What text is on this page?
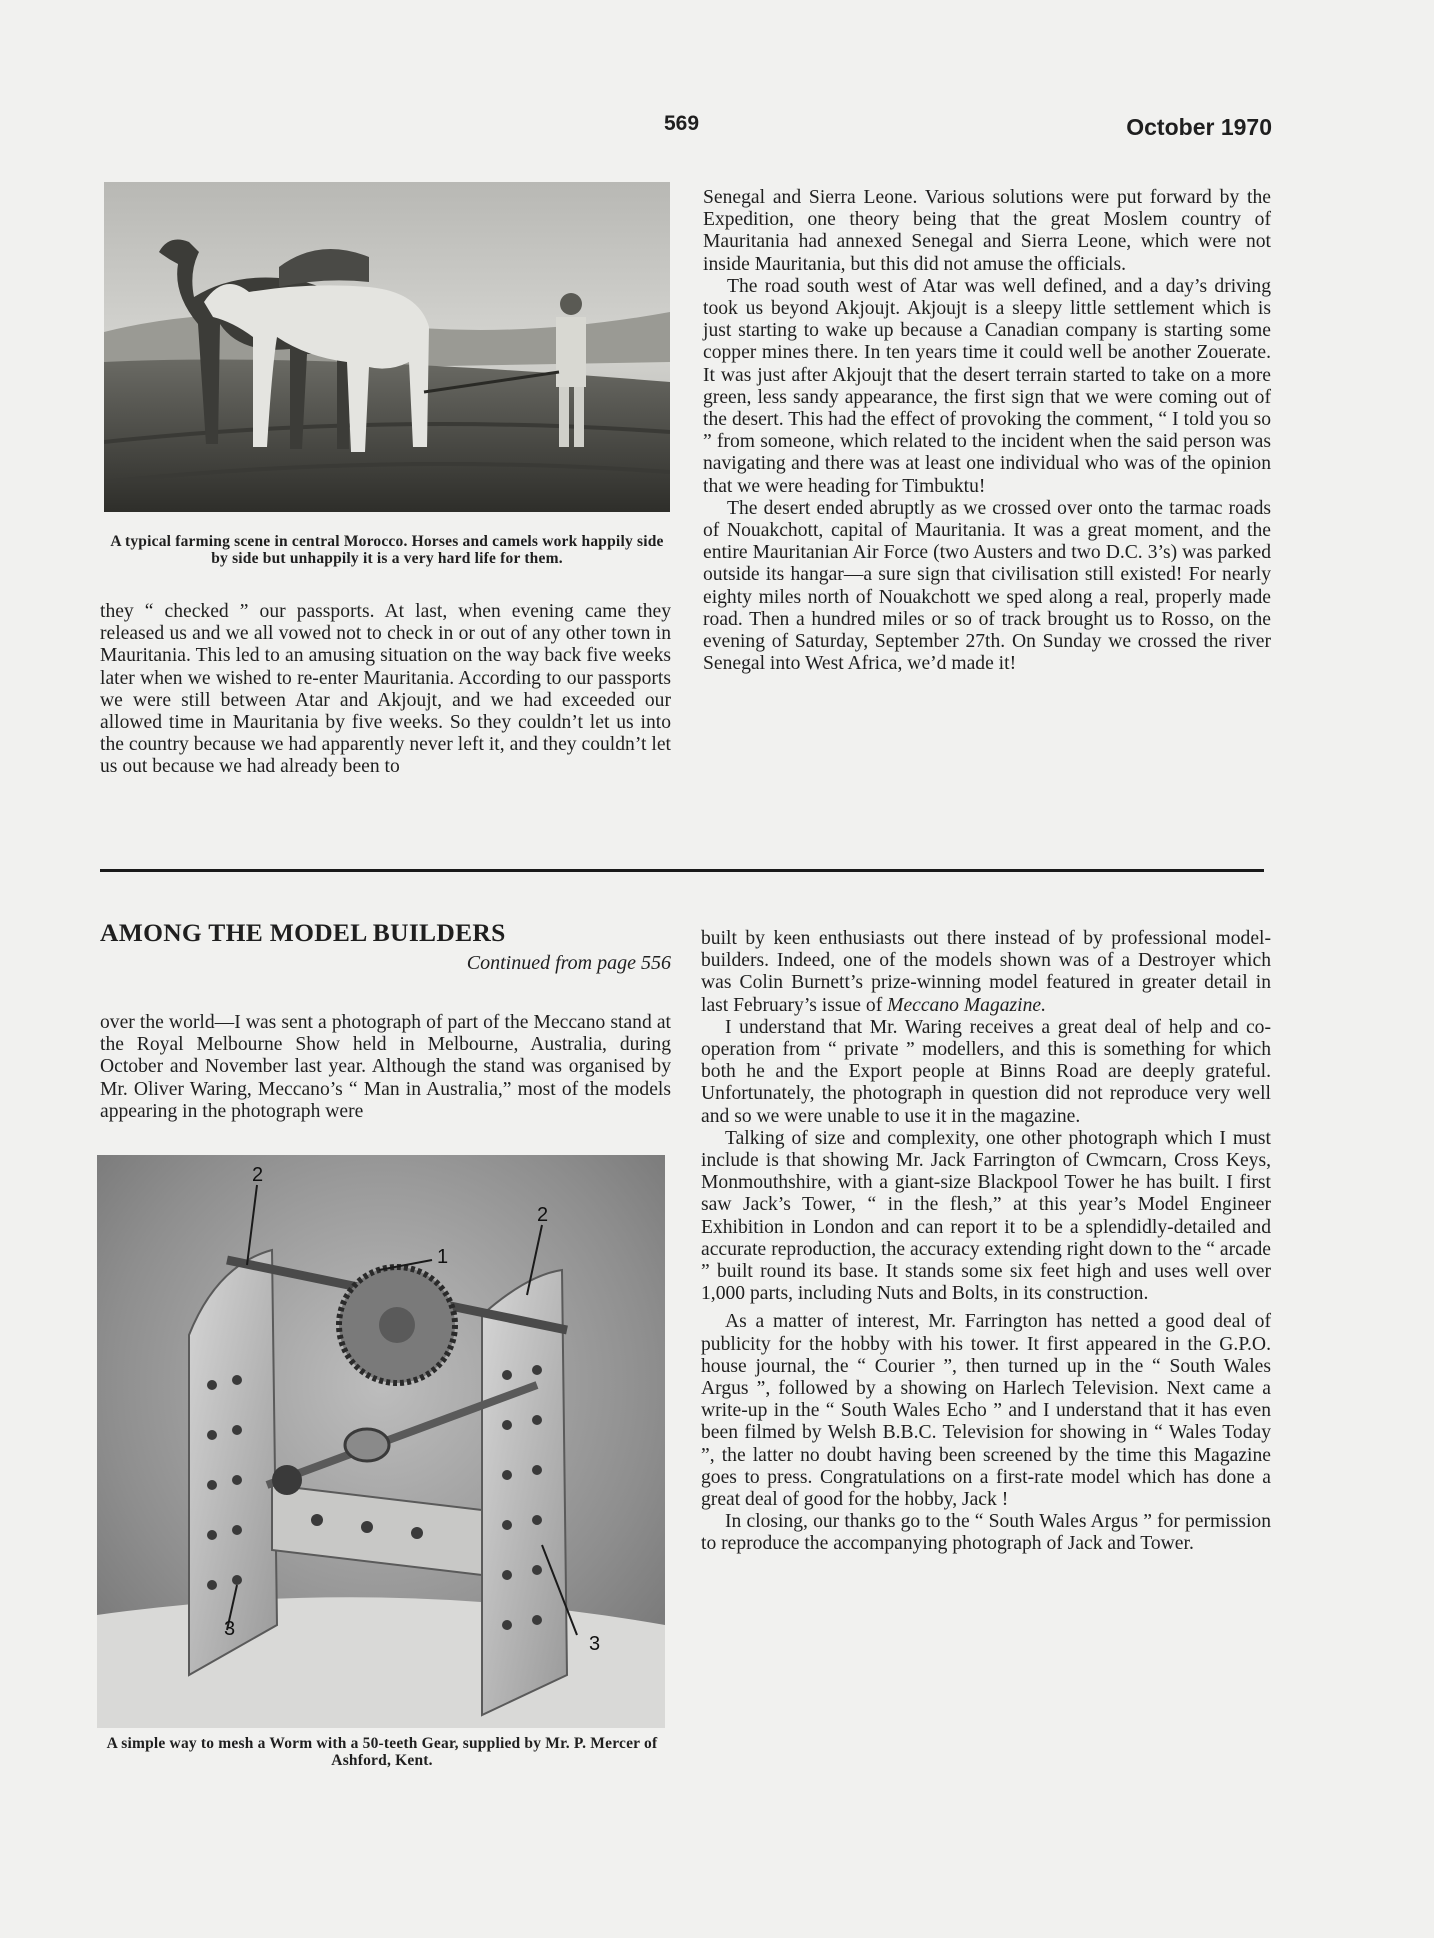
569	October 1970

A typical farming scene in central Morocco. Horses and camels work happily side by side but unhappily it is a very hard life for them.

they “ checked ” our passports. At last, when evening came they released us and we all vowed not to check in or out of any other town in Mauritania. This led to an amusing situation on the way back five weeks later when we wished to re-enter Mauritania. According to our passports we were still between Atar and Akjoujt, and we had exceeded our allowed time in Mauritania by five weeks. So they couldn’t let us into the country because we had apparently never left it, and they couldn’t let us out because we had already been to

Senegal and Sierra Leone. Various solutions were put forward by the Expedition, one theory being that the great Moslem country of Mauritania had annexed Senegal and Sierra Leone, which were not inside Mauritania, but this did not amuse the officials.

The road south west of Atar was well defined, and a day’s driving took us beyond Akjoujt. Akjoujt is a sleepy little settlement which is just starting to wake up because a Canadian company is starting some copper mines there. In ten years time it could well be another Zouerate. It was just after Akjoujt that the desert terrain started to take on a more green, less sandy appearance, the first sign that we were coming out of the desert. This had the effect of provoking the comment, “ I told you so ” from someone, which related to the incident when the said person was navigating and there was at least one individual who was of the opinion that we were heading for Timbuktu!

The desert ended abruptly as we crossed over onto the tarmac roads of Nouakchott, capital of Mauritania. It was a great moment, and the entire Mauritanian Air Force (two Austers and two D.C. 3’s) was parked outside its hangar—a sure sign that civilisation still existed! For nearly eighty miles north of Nouakchott we sped along a real, properly made road. Then a hundred miles or so of track brought us to Rosso, on the evening of Saturday, September 27th. On Sunday we crossed the river Senegal into West Africa, we’d made it!

AMONG THE MODEL BUILDERS

Continued from page 556

over the world—I was sent a photograph of part of the Meccano stand at the Royal Melbourne Show held in Melbourne, Australia, during October and November last year. Although the stand was organised by Mr. Oliver Waring, Meccano’s “ Man in Australia,” most of the models appearing in the photograph were

1
2
2
3
3

A simple way to mesh a Worm with a 50-teeth Gear, supplied by Mr. P. Mercer of Ashford, Kent.

built by keen enthusiasts out there instead of by professional model-builders. Indeed, one of the models shown was of a Destroyer which was Colin Burnett’s prize-winning model featured in greater detail in last February’s issue of Meccano Magazine.

I understand that Mr. Waring receives a great deal of help and co-operation from “ private ” modellers, and this is something for which both he and the Export people at Binns Road are deeply grateful. Unfortunately, the photograph in question did not reproduce very well and so we were unable to use it in the magazine.

Talking of size and complexity, one other photograph which I must include is that showing Mr. Jack Farrington of Cwmcarn, Cross Keys, Monmouthshire, with a giant-size Blackpool Tower he has built. I first saw Jack’s Tower, “ in the flesh,” at this year’s Model Engineer Exhibition in London and can report it to be a splendidly-detailed and accurate reproduction, the accuracy extending right down to the “ arcade ” built round its base. It stands some six feet high and uses well over 1,000 parts, including Nuts and Bolts, in its construction.

As a matter of interest, Mr. Farrington has netted a good deal of publicity for the hobby with his tower. It first appeared in the G.P.O. house journal, the “ Courier ”, then turned up in the “ South Wales Argus ”, followed by a showing on Harlech Television. Next came a write-up in the “ South Wales Echo ” and I understand that it has even been filmed by Welsh B.B.C. Television for showing in “ Wales Today ”, the latter no doubt having been screened by the time this Magazine goes to press. Congratulations on a first-rate model which has done a great deal of good for the hobby, Jack !

In closing, our thanks go to the “ South Wales Argus ” for permission to reproduce the accompanying photograph of Jack and Tower.
